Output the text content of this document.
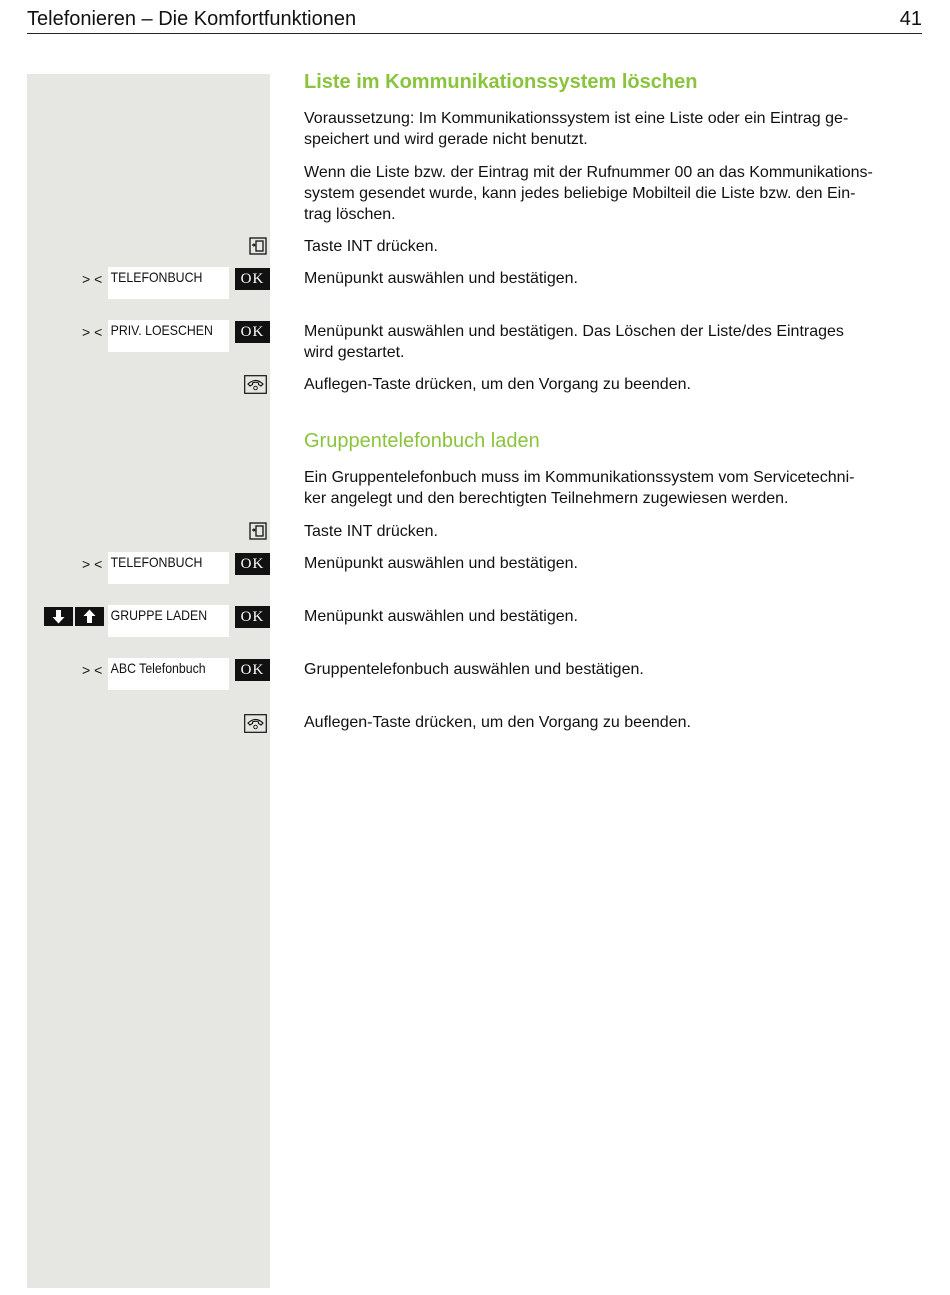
Telefonieren – Die Komfortfunktionen	41
Liste im Kommunikationssystem löschen
Voraussetzung: Im Kommunikationssystem ist eine Liste oder ein Eintrag ge-
speichert und wird gerade nicht benutzt.
Wenn die Liste bzw. der Eintrag mit der Rufnummer 00 an das Kommunikations-
system gesendet wurde, kann jedes beliebige Mobilteil die Liste bzw. den Ein-
trag löschen.
Taste INT drücken.
> < TELEFONBUCH	OK	Menüpunkt auswählen und bestätigen.
> < PRIV. LOESCHEN	OK	Menüpunkt auswählen und bestätigen. Das Löschen der Liste/des Eintrages
wird gestartet.
Auflegen-Taste drücken, um den Vorgang zu beenden.
Gruppentelefonbuch laden
Ein Gruppentelefonbuch muss im Kommunikationssystem vom Servicetechni-
ker angelegt und den berechtigten Teilnehmern zugewiesen werden.
Taste INT drücken.
> < TELEFONBUCH	OK	Menüpunkt auswählen und bestätigen.
GRUPPE LADEN	OK	Menüpunkt auswählen und bestätigen.
> < ABC Telefonbuch	OK	Gruppentelefonbuch auswählen und bestätigen.
Auflegen-Taste drücken, um den Vorgang zu beenden.
